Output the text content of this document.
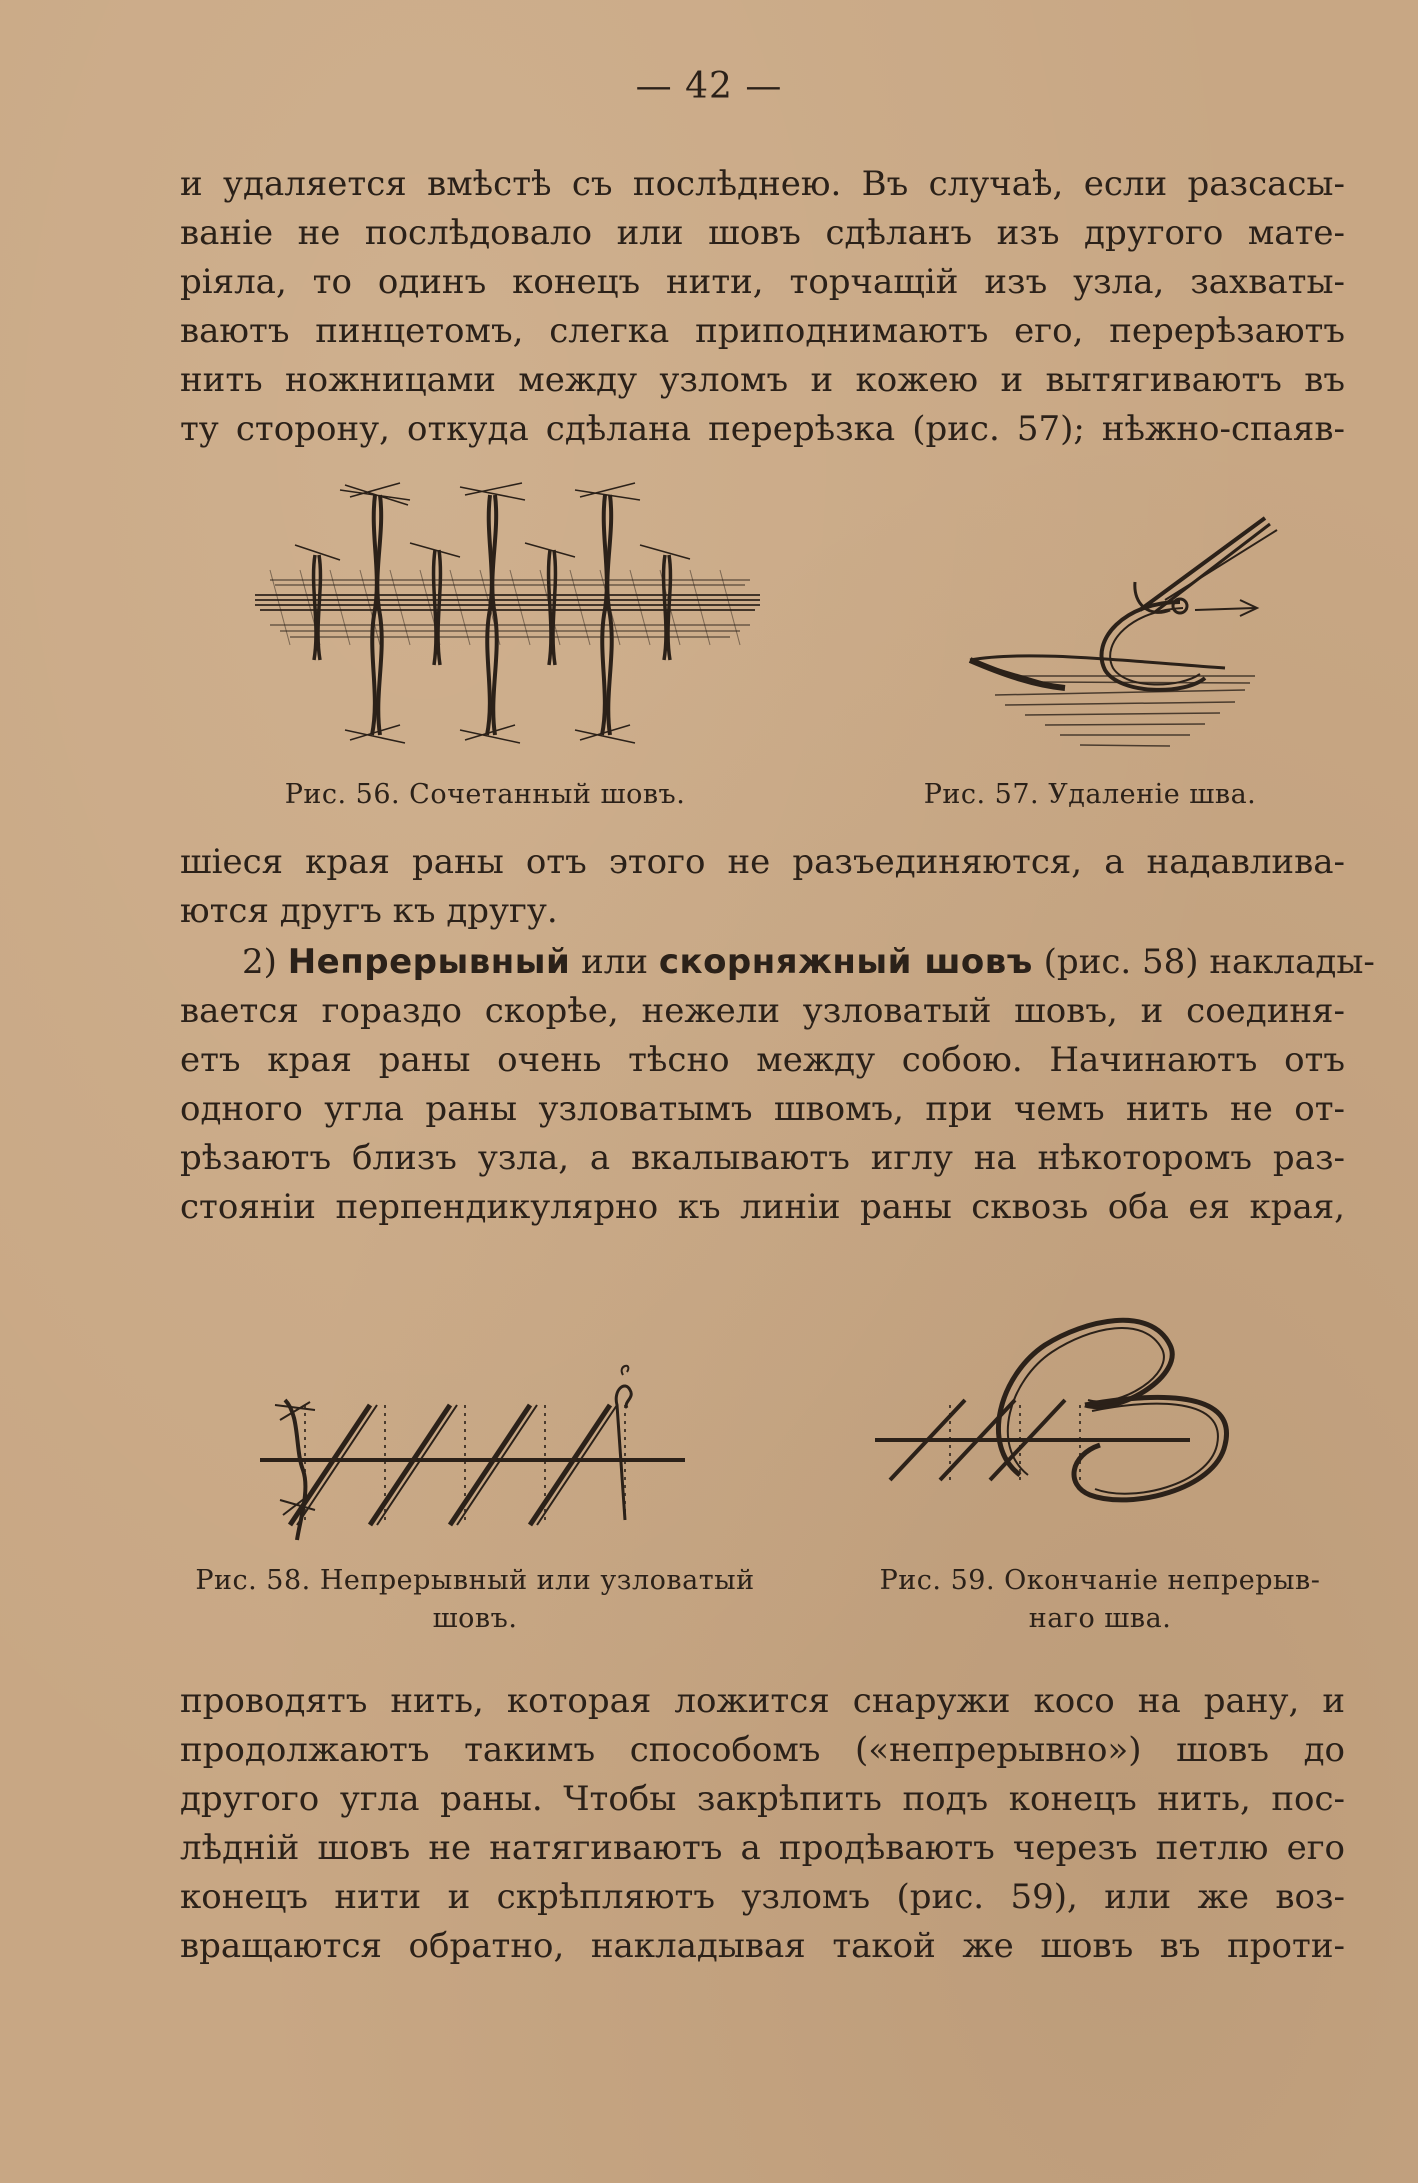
— 42 —
и удаляется вмѣстѣ съ послѣднею. Въ случаѣ, если разсасы-
ваніе не послѣдовало или шовъ сдѣланъ изъ другого мате-
ріяла, то одинъ конецъ нити, торчащій изъ узла, захваты-
ваютъ пинцетомъ, слегка приподнимаютъ его, перерѣзаютъ
нить ножницами между узломъ и кожею и вытягиваютъ въ
ту сторону, откуда сдѣлана перерѣзка (рис. 57); нѣжно-спаяв-
Рис. 56. Сочетанный шовъ.	Рис. 57. Удаленіе шва.
шіеся края раны отъ этого не разъединяются, а надавлива-
ются другъ къ другу.
2) Непрерывный или скорняжный шовъ (рис. 58) наклады-
вается гораздо скорѣе, нежели узловатый шовъ, и соединя-
етъ края раны очень тѣсно между собою. Начинаютъ отъ
одного угла раны узловатымъ швомъ, при чемъ нить не от-
рѣзаютъ близъ узла, а вкалываютъ иглу на нѣкоторомъ раз-
стояніи перпендикулярно къ линіи раны сквозь оба ея края,
Рис. 58. Непрерывный или узловатый
шовъ.
Рис. 59. Окончаніе непрерыв-
наго шва.
проводятъ нить, которая ложится снаружи косо на рану, и
продолжаютъ такимъ способомъ («непрерывно») шовъ до
другого угла раны. Чтобы закрѣпить подъ конецъ нить, пос-
лѣдній шовъ не натягиваютъ а продѣваютъ черезъ петлю его
конецъ нити и скрѣпляютъ узломъ (рис. 59), или же воз-
вращаются обратно, накладывая такой же шовъ въ проти-
